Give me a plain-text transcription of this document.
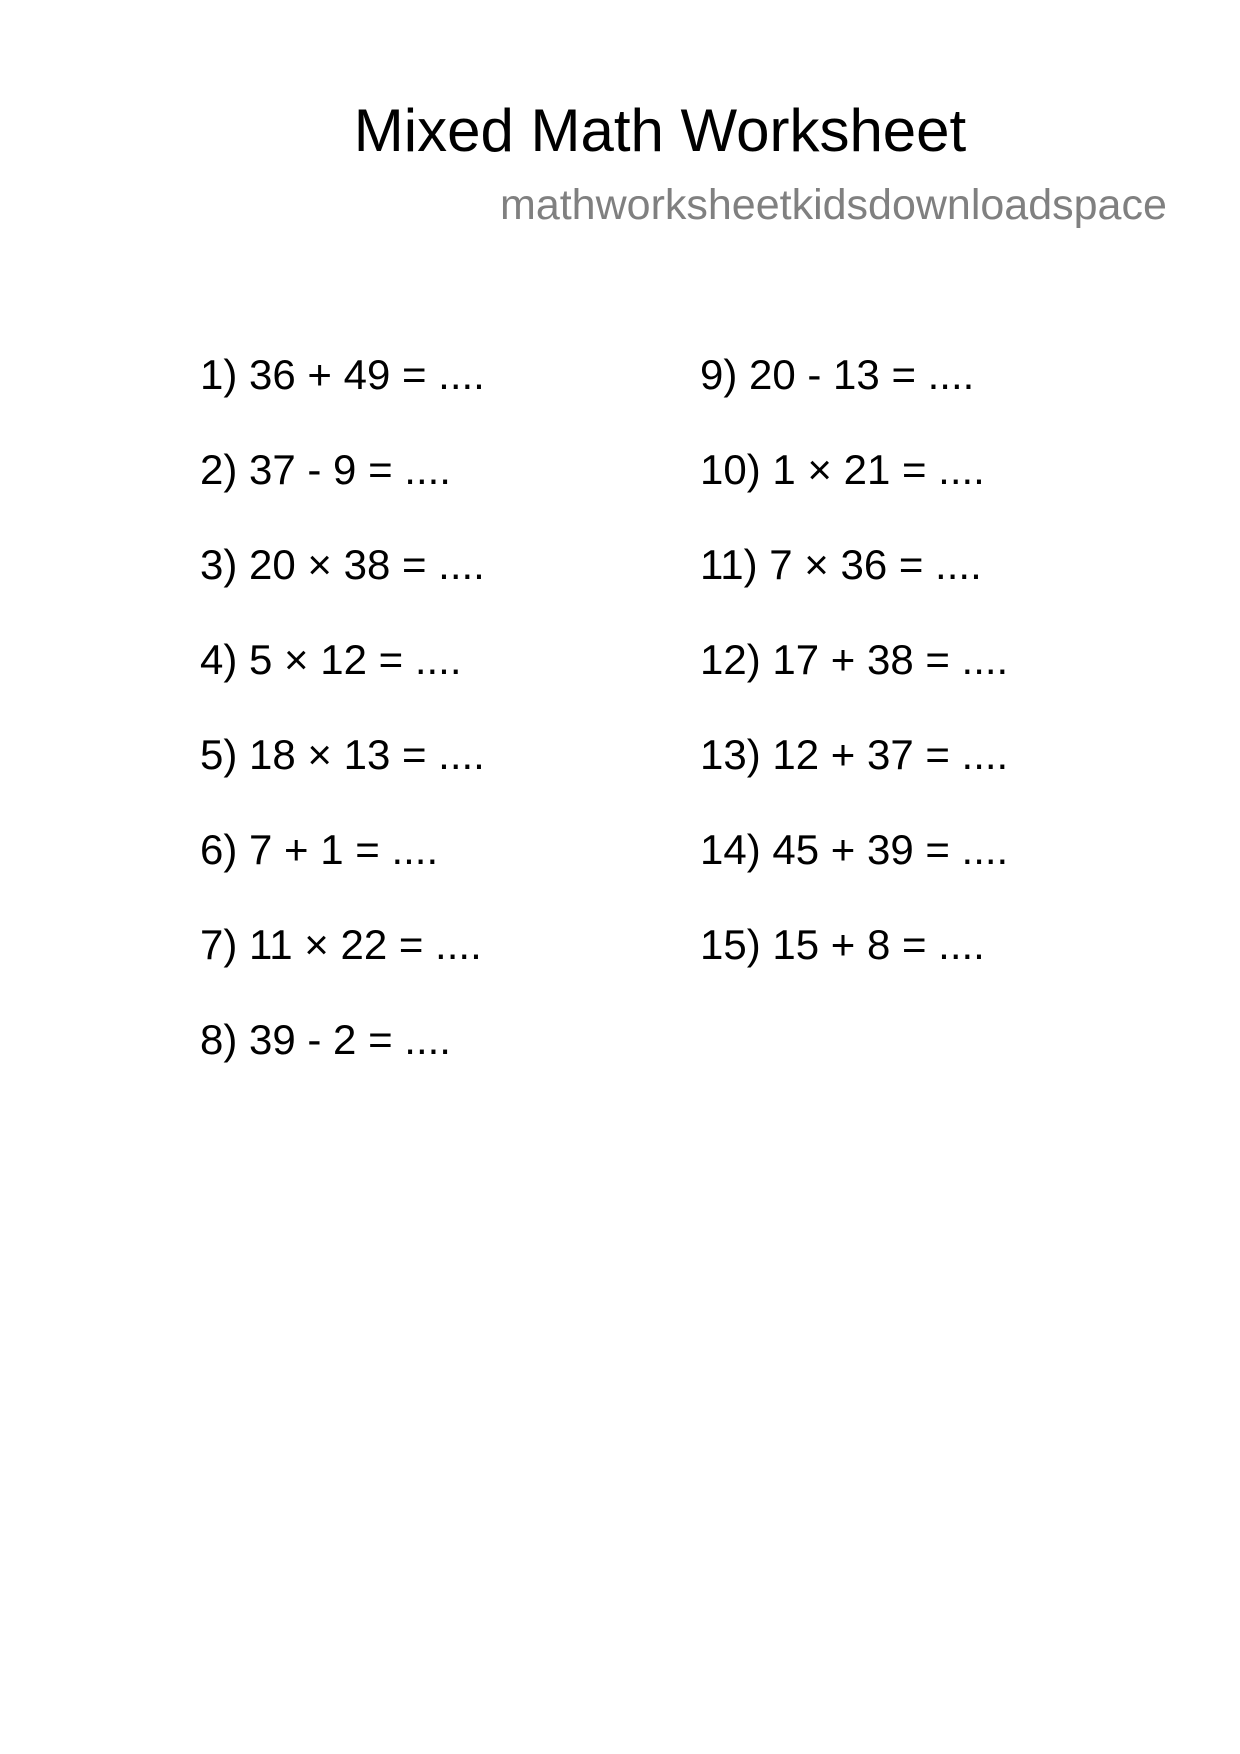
Mixed Math Worksheet
mathworksheetkidsdownloadspace
1) 36 + 49 = ....
2) 37 - 9 = ....
3) 20 × 38 = ....
4) 5 × 12 = ....
5) 18 × 13 = ....
6) 7 + 1 = ....
7) 11 × 22 = ....
8) 39 - 2 = ....
9) 20 - 13 = ....
10) 1 × 21 = ....
11) 7 × 36 = ....
12) 17 + 38 = ....
13) 12 + 37 = ....
14) 45 + 39 = ....
15) 15 + 8 = ....
